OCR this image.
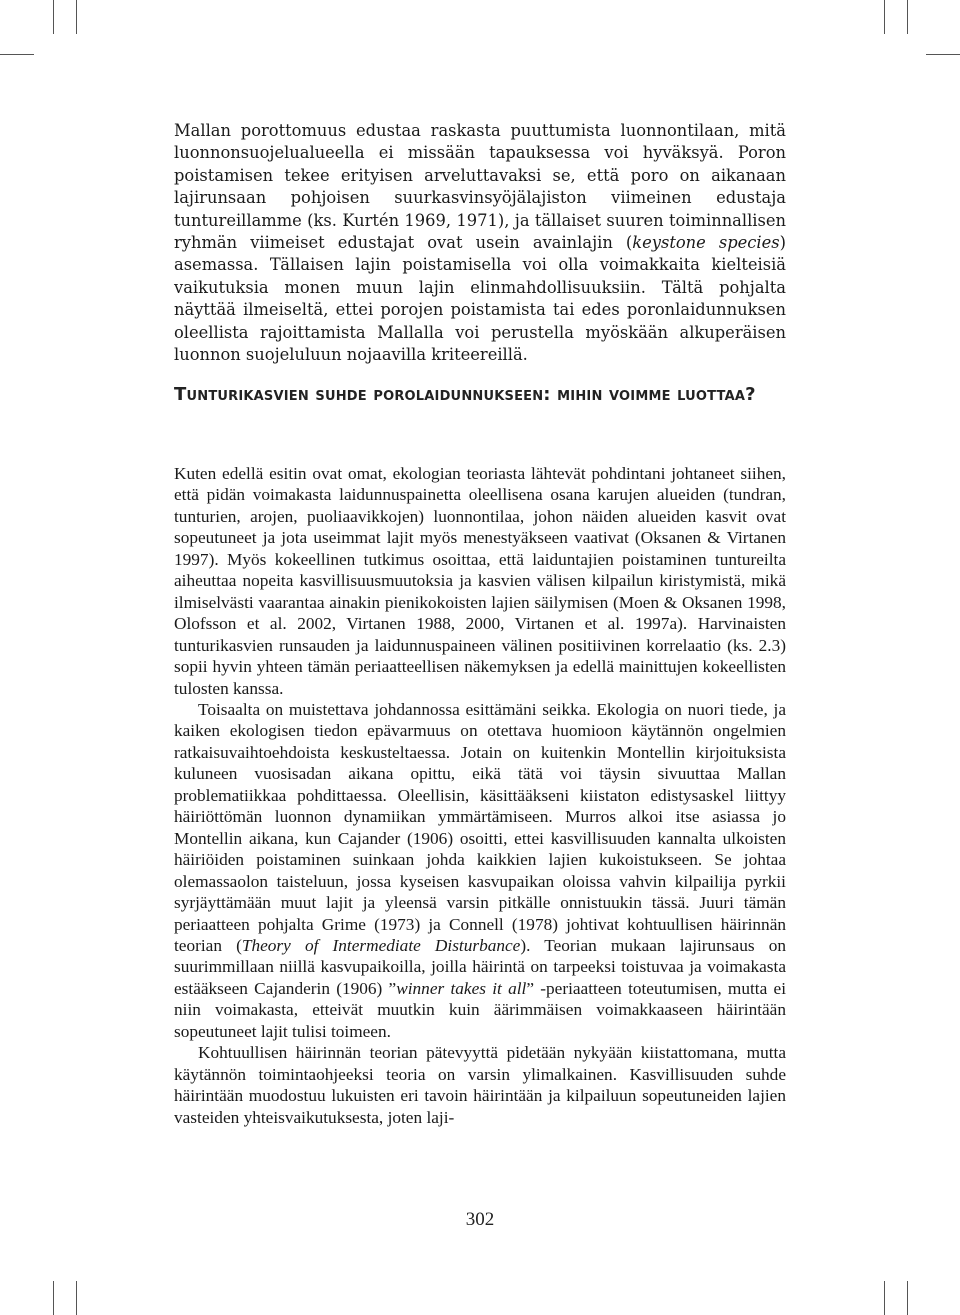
Mallan porottomuus edustaa raskasta puuttumista luonnontilaan, mitä luonnonsuojelualueella ei missään tapauksessa voi hyväksyä. Poron poistamisen tekee erityisen arveluttavaksi se, että poro on aikanaan lajirunsaan pohjoisen suurkasvinsyöjälajiston viimeinen edustaja tuntureillamme (ks. Kurtén 1969, 1971), ja tällaiset suuren toiminnallisen ryhmän viimeiset edustajat ovat usein avainlajin (keystone species) asemassa. Tällaisen lajin poistamisella voi olla voimakkaita kielteisiä vaikutuksia monen muun lajin elinmahdollisuuksiin. Tältä pohjalta näyttää ilmeiseltä, ettei porojen poistamista tai edes poronlaidunnuksen oleellista rajoittamista Mallalla voi perustella myöskään alkuperäisen luonnon suojeluluun nojaavilla kriteereillä.

Tunturikasvien suhde porolaidunnukseen: mihin voimme luottaa?

Kuten edellä esitin ovat omat, ekologian teoriasta lähtevät pohdintani johtaneet siihen, että pidän voimakasta laidunnuspainetta oleellisena osana karujen alueiden (tundran, tunturien, arojen, puoliaavikkojen) luonnontilaa, johon näiden alueiden kasvit ovat sopeutuneet ja jota useimmat lajit myös menestyäkseen vaativat (Oksanen & Virtanen 1997). Myös kokeellinen tutkimus osoittaa, että laiduntajien poistaminen tuntureilta aiheuttaa nopeita kasvillisuusmuutoksia ja kasvien välisen kilpailun kiristymistä, mikä ilmiselvästi vaarantaa ainakin pienikokoisten lajien säilymisen (Moen & Oksanen 1998, Olofsson et al. 2002, Virtanen 1988, 2000, Virtanen et al. 1997a). Harvinaisten tunturikasvien runsauden ja laidunnuspaineen välinen positiivinen korrelaatio (ks. 2.3) sopii hyvin yhteen tämän periaatteellisen näkemyksen ja edellä mainittujen kokeellisten tulosten kanssa.

Toisaalta on muistettava johdannossa esittämäni seikka. Ekologia on nuori tiede, ja kaiken ekologisen tiedon epävarmuus on otettava huomioon käytännön ongelmien ratkaisuvaihtoehdoista keskusteltaessa. Jotain on kuitenkin Montellin kirjoituksista kuluneen vuosisadan aikana opittu, eikä tätä voi täysin sivuuttaa Mallan problematiikkaa pohdittaessa. Oleellisin, käsittääkseni kiistaton edistysaskel liittyy häiriöttömän luonnon dynamiikan ymmärtämiseen. Murros alkoi itse asiassa jo Montellin aikana, kun Cajander (1906) osoitti, ettei kasvillisuuden kannalta ulkoisten häiriöiden poistaminen suinkaan johda kaikkien lajien kukoistukseen. Se johtaa olemassaolon taisteluun, jossa kyseisen kasvupaikan oloissa vahvin kilpailija pyrkii syrjäyttämään muut lajit ja yleensä varsin pitkälle onnistuukin tässä. Juuri tämän periaatteen pohjalta Grime (1973) ja Connell (1978) johtivat kohtuullisen häirinnän teorian (Theory of Intermediate Disturbance). Teorian mukaan lajirunsaus on suurimmillaan niillä kasvupaikoilla, joilla häirintä on tarpeeksi toistuvaa ja voimakasta estääkseen Cajanderin (1906) ”winner takes it all” -periaatteen toteutumisen, mutta ei niin voimakasta, etteivät muutkin kuin äärimmäisen voimakkaaseen häirintään sopeutuneet lajit tulisi toimeen.

Kohtuullisen häirinnän teorian pätevyyttä pidetään nykyään kiistattomana, mutta käytännön toimintaohjeeksi teoria on varsin ylimalkainen. Kasvillisuuden suhde häirintään muodostuu lukuisten eri tavoin häirintään ja kilpailuun sopeutuneiden lajien vasteiden yhteisvaikutuksesta, joten laji-

302
